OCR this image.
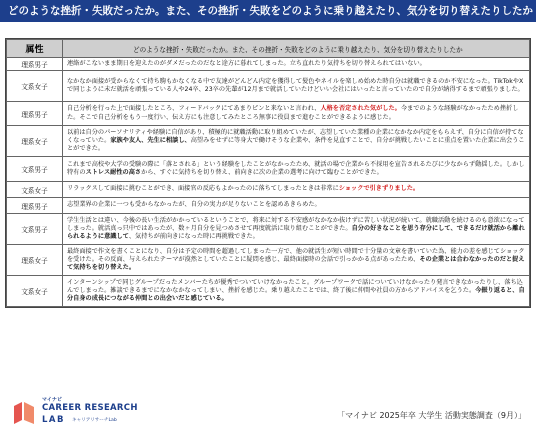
どのような挫折・失敗だったか。また、その挫折・失敗をどのように乗り越えたり、気分を切り替えたりしたか
属性	どのような挫折・失敗だったか。また、その挫折・失敗をどのように乗り越えたり、気分を切り替えたりしたか
理系男子	連絡がこないまま期日を迎えたのがダメだったのだなと途方に暮れてしまった。立ち直れたり気持ちを切り替えられてはいない。
文系女子	なかなか面接が受からなくて持ち駒もかなくなる中で友達がどんどん内定を獲得して髪色やネイルを楽しめ始めた時自分は就職できるのか不安になった。TikTokやXで同じように未だ就活を頑張っている人や24卒、23卒の先輩が12月まで就活していたけどいい会社にはいったと言っていたので自分が納得するまで頑張りました。
理系男子	自己分析を行った上で面接したところ、フィードバックにてあまりピンと来ないと言われ、人格を否定された気がした。今までのような経験がなかったため挫折した。そこで自己分析をもう一度行い、伝え方にも注意してみたところ無事に役員まで進むことができるように感じた。
理系女子	以前は自分のパーソナリティや経験に自信があり、積極的に就職活動に取り組めていたが、志望していた業種の企業になかなか内定をもらえず、自分に自信が持てなくなっていた。家族や友人、先生に相談し、高望みをせずに等身大で働けそうな企業や、条件を見直すことで、自分が挑戦したいことに重点を置いた企業に出会うことができた。
文系男子	これまで高校や大学の受験の際に「落とされる」という経験をしたことがなかったため、就活の場で企業から不採用を宣告されるたびに少なからず動揺した。しかし特有のストレス耐性の高さから、すぐに気持ちを切り替え、前向きに次の企業の選考に向けて臨むことができた。
文系女子	リラックスして面接に挑むことができ、面接官の反応もよかったのに落ちてしまったときは非常にショックで引きずりました。
理系男子	志望業界の企業に一つも受からなかったが、自分の実力が足りないことを認めあきらめた。
文系男子	学生生活とは違い、今後の長い生活がかかっているということで、将来に対する不安感がなかなか抜けずに苦しい状況が続いて。就職活動を続けるのも意欲になってしまった。就活真っ只中ではあったが、数ヶ月自分を見つめさせて再度就活に取り組むことができた。自分の好きなことを思う存分にして、できるだけ就活から離れられるように意識して、気持ちが前向きになった時に再挑戦できた。
理系女子	最終面接で作文を書くことになり、自分は予定の時間を超過してしまった一方で、他の就活生が短い時間で十分量の文章を書いていた為、能力の差を感じてショックを受けた。その反面、与えられたテーマが漠然としていたことに疑問を感じ、最終面接時の会話で引っかかる点があったため、その企業とは合わなかったのだと捉えて気持ちを切り替えた。
文系女子	インターンシップで同じグループだったメンバーたちが優秀でついていけなかったこと。グループワークで話についていけなかったり発言できなかったりし、落ち込んでしまった。雑談できるまでになかなかなってしまい、挫折を感じた。乗り越えたことでは、終了後に仲間や社員の方からアドバイスを乞うた。今振り返ると、自分自身の成長につながる仲間との出会いだと感じている。
マイナビ
CAREER RESEARCH
LAB キャリアリサーチLab
「マイナビ 2025年卒 大学生 活動実態調査（9月）」
